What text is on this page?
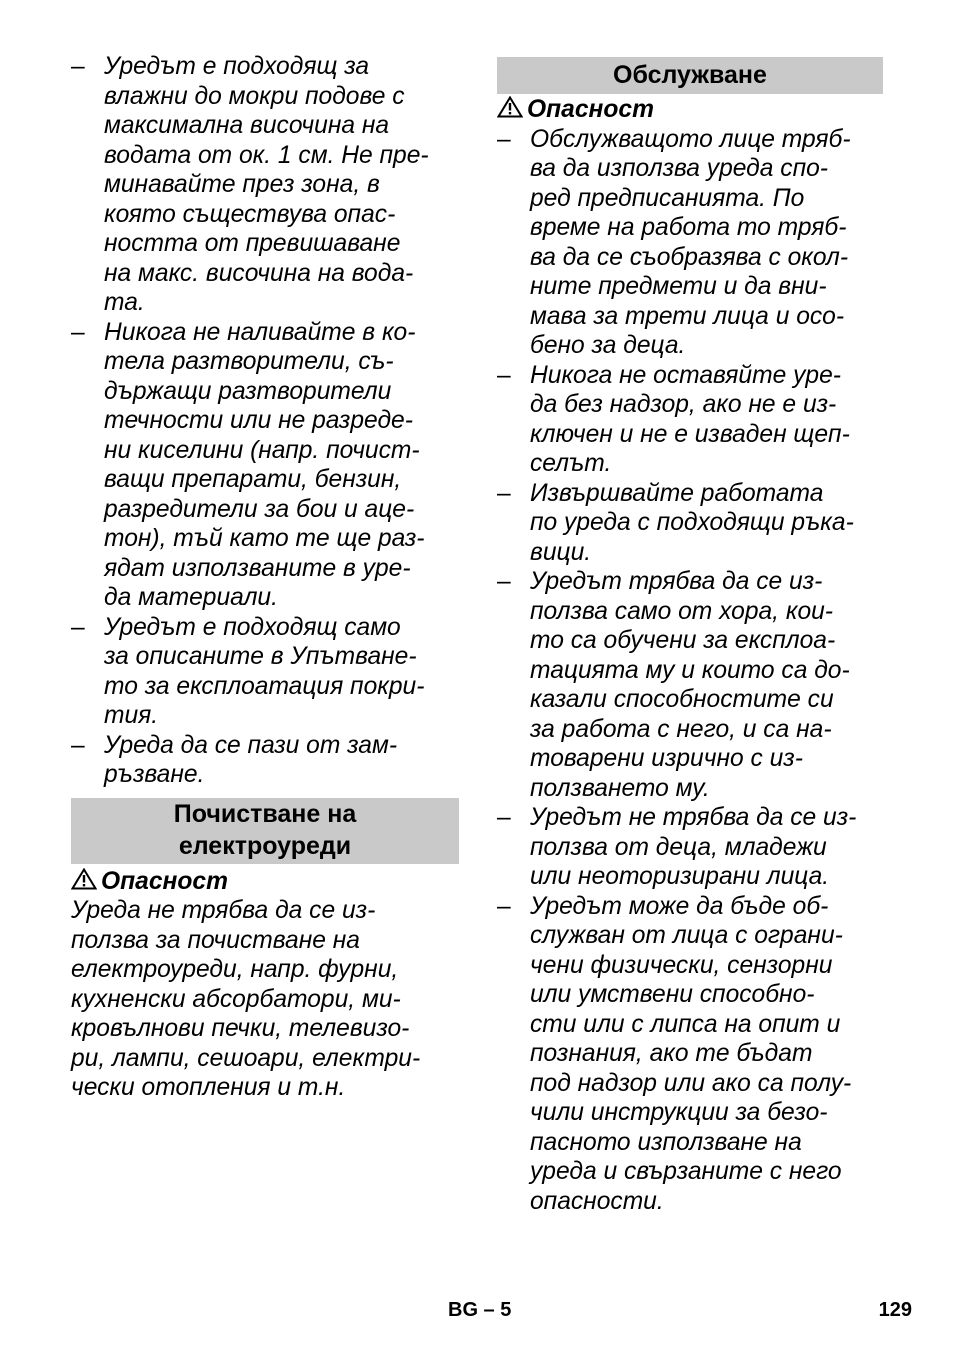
– Уредът е подходящ за
влажни до мокри подове с
максимална височина на
водата от ок. 1 см. Не пре-
минавайте през зона, в
която съществува опас-
ността от превишаване
на макс. височина на вода-
та.
– Никога не наливайте в ко-
тела разтворители, съ-
държащи разтворители
течности или не разреде-
ни киселини (напр. почист-
ващи препарати, бензин,
разредители за бои и аце-
тон), тъй като те ще раз-
ядат използваните в уре-
да материали.
– Уредът е подходящ само
за описаните в Упътване-
то за експлоатация покри-
тия.
– Уреда да се пази от зам-
ръзване.
Почистване на
електроуреди
Опасност
Уреда не трябва да се из-
ползва за почистване на
електроуреди, напр. фурни,
кухненски абсорбатори, ми-
кровълнови печки, телевизо-
ри, лампи, сешоари, електри-
чески отопления и т.н.
Обслужване
Опасност
– Обслужващото лице тряб-
ва да използва уреда спо-
ред предписанията. По
време на работа то тряб-
ва да се съобразява с окол-
ните предмети и да вни-
мава за трети лица и осо-
бено за деца.
– Никога не оставяйте уре-
да без надзор, ако не е из-
ключен и не е изваден щеп-
селът.
– Извършвайте работата
по уреда с подходящи ръка-
вици.
– Уредът трябва да се из-
ползва само от хора, кои-
то са обучени за експлоа-
тацията му и които са до-
казали способностите си
за работа с него, и са на-
товарени изрично с из-
ползването му.
– Уредът не трябва да се из-
ползва от деца, младежи
или неоторизирани лица.
– Уредът може да бъде об-
служван от лица с ограни-
чени физически, сензорни
или умствени способно-
сти или с липса на опит и
познания, ако те бъдат
под надзор или ако са полу-
чили инструкции за безо-
пасното използване на
уреда и свързаните с него
опасности.
BG – 5	129
